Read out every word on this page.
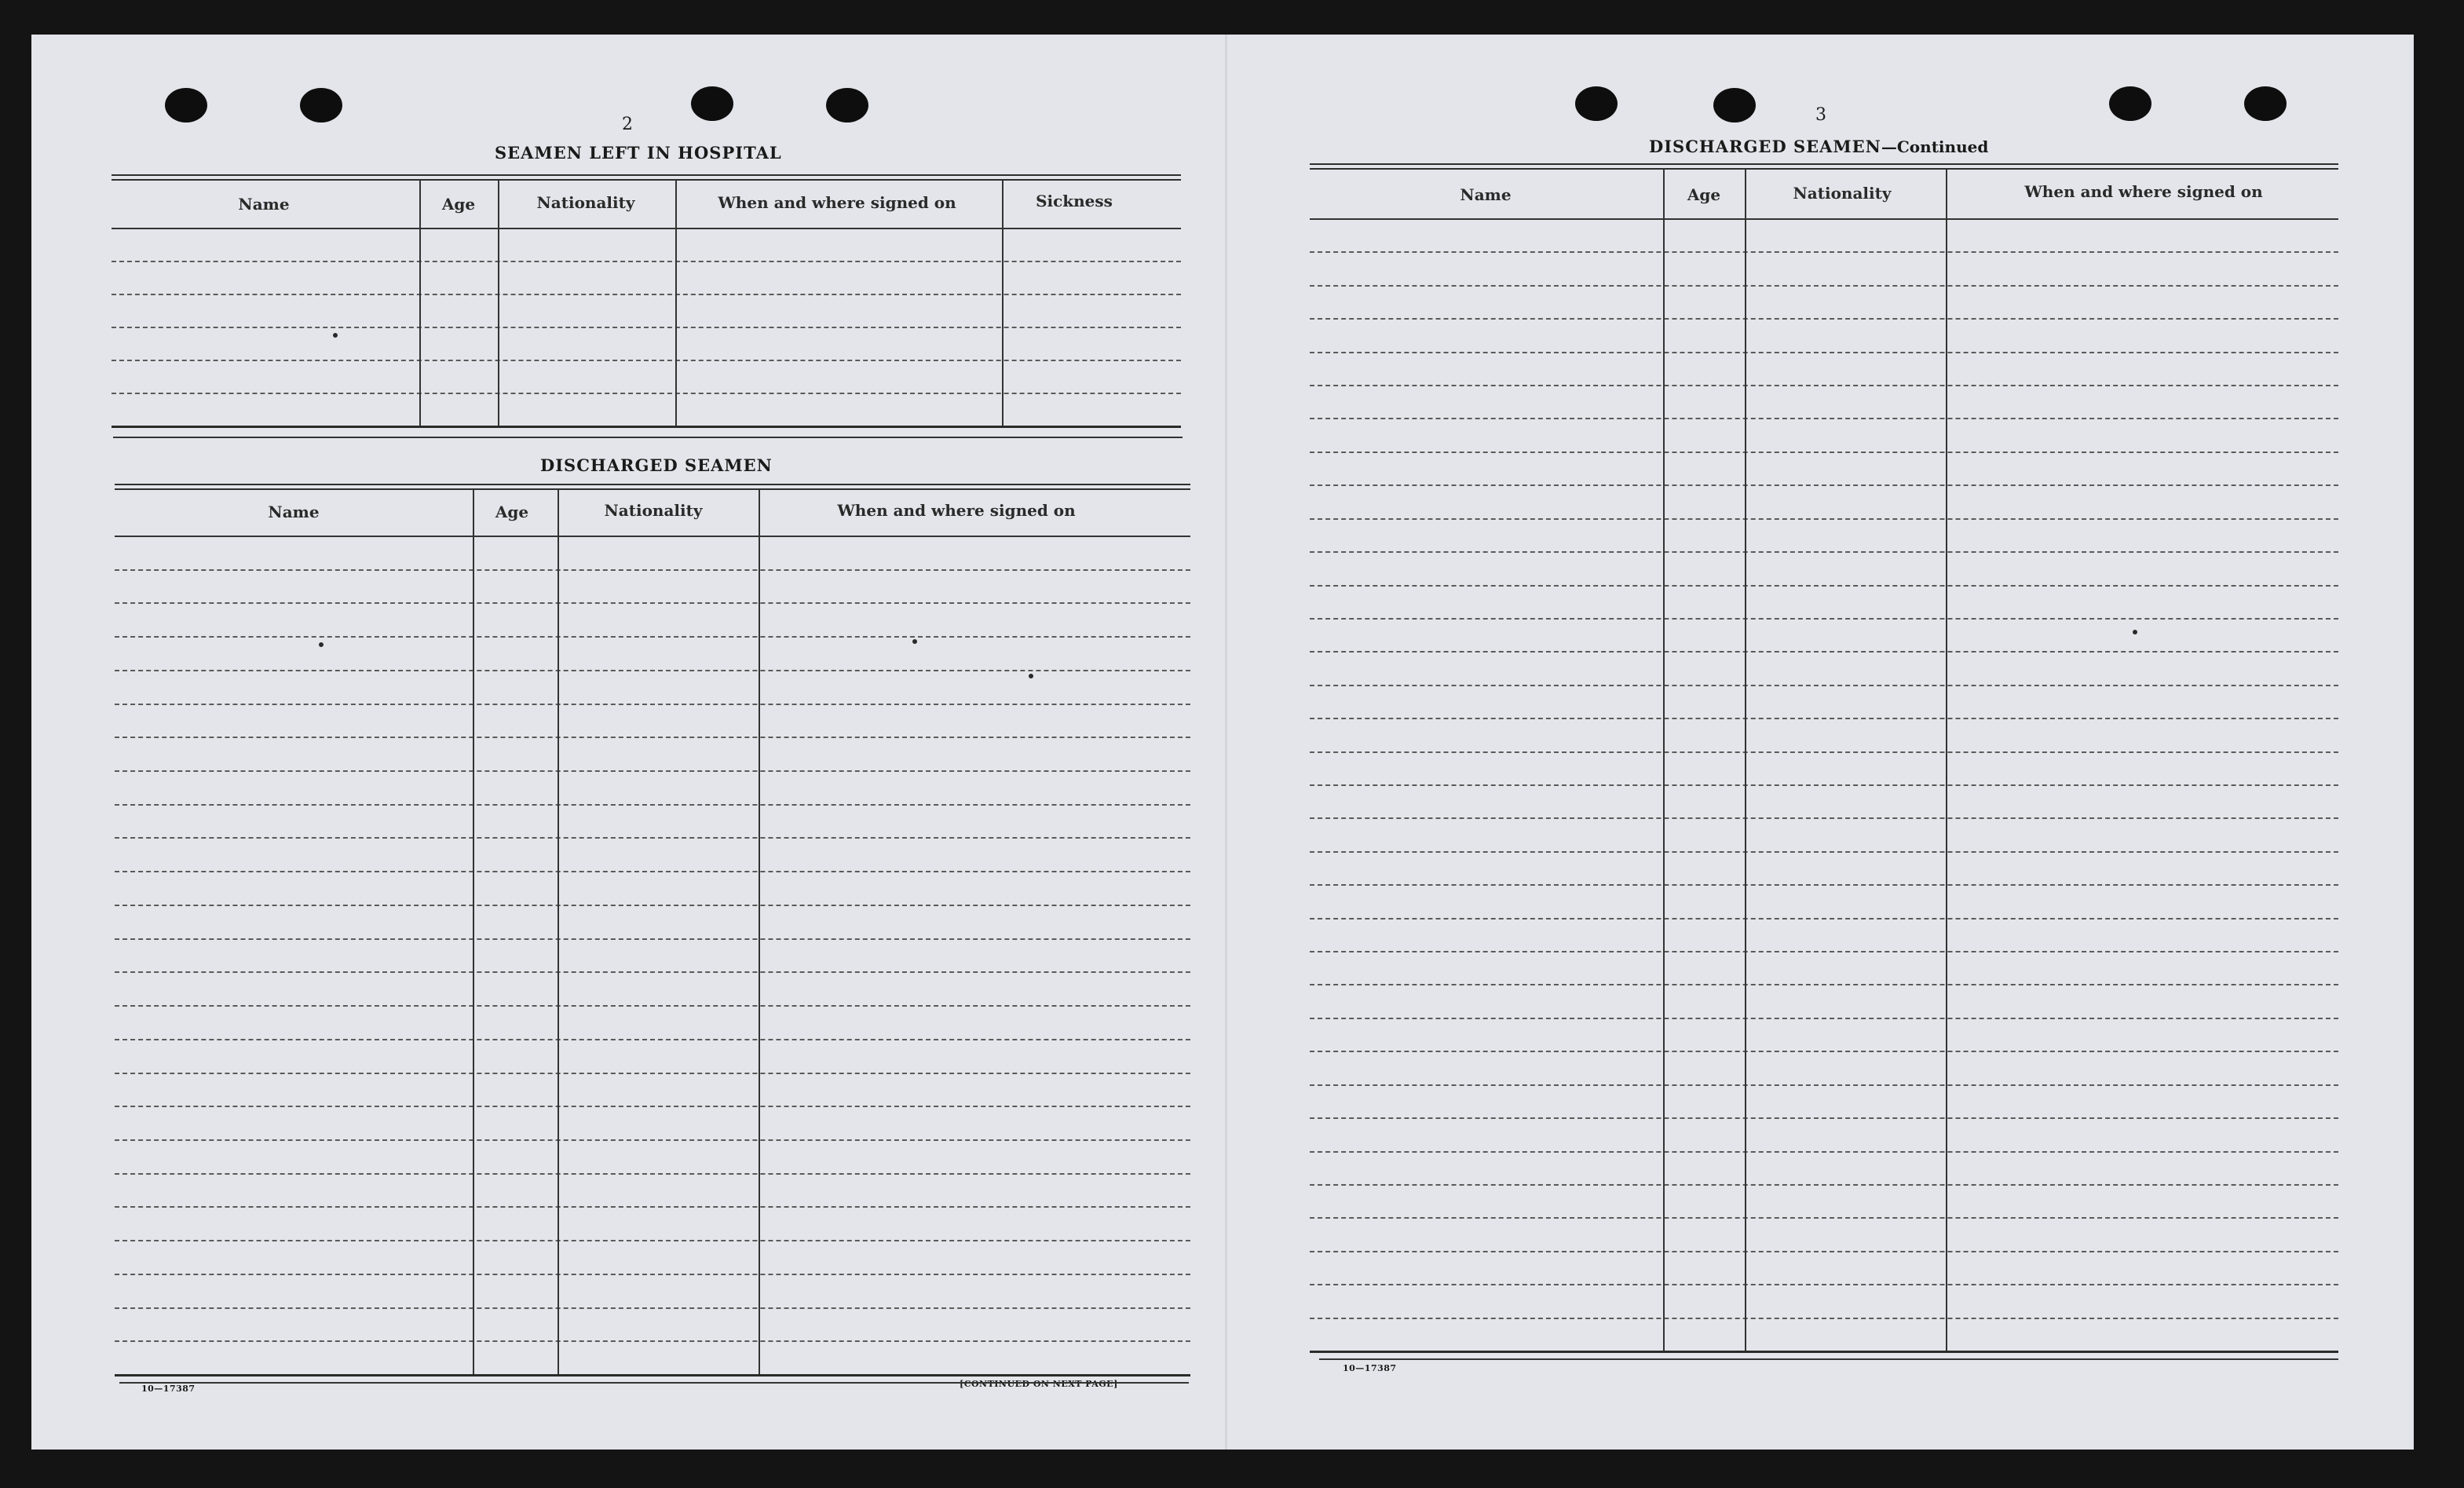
2
SEAMEN LEFT IN HOSPITAL
Name	Age	Nationality	When and where signed on	Sickness
DISCHARGED SEAMEN
Name	Age	Nationality	When and where signed on
10—17387	[CONTINUED ON NEXT PAGE]
3
DISCHARGED SEAMEN—Continued
Name	Age	Nationality	When and where signed on
10—17387
